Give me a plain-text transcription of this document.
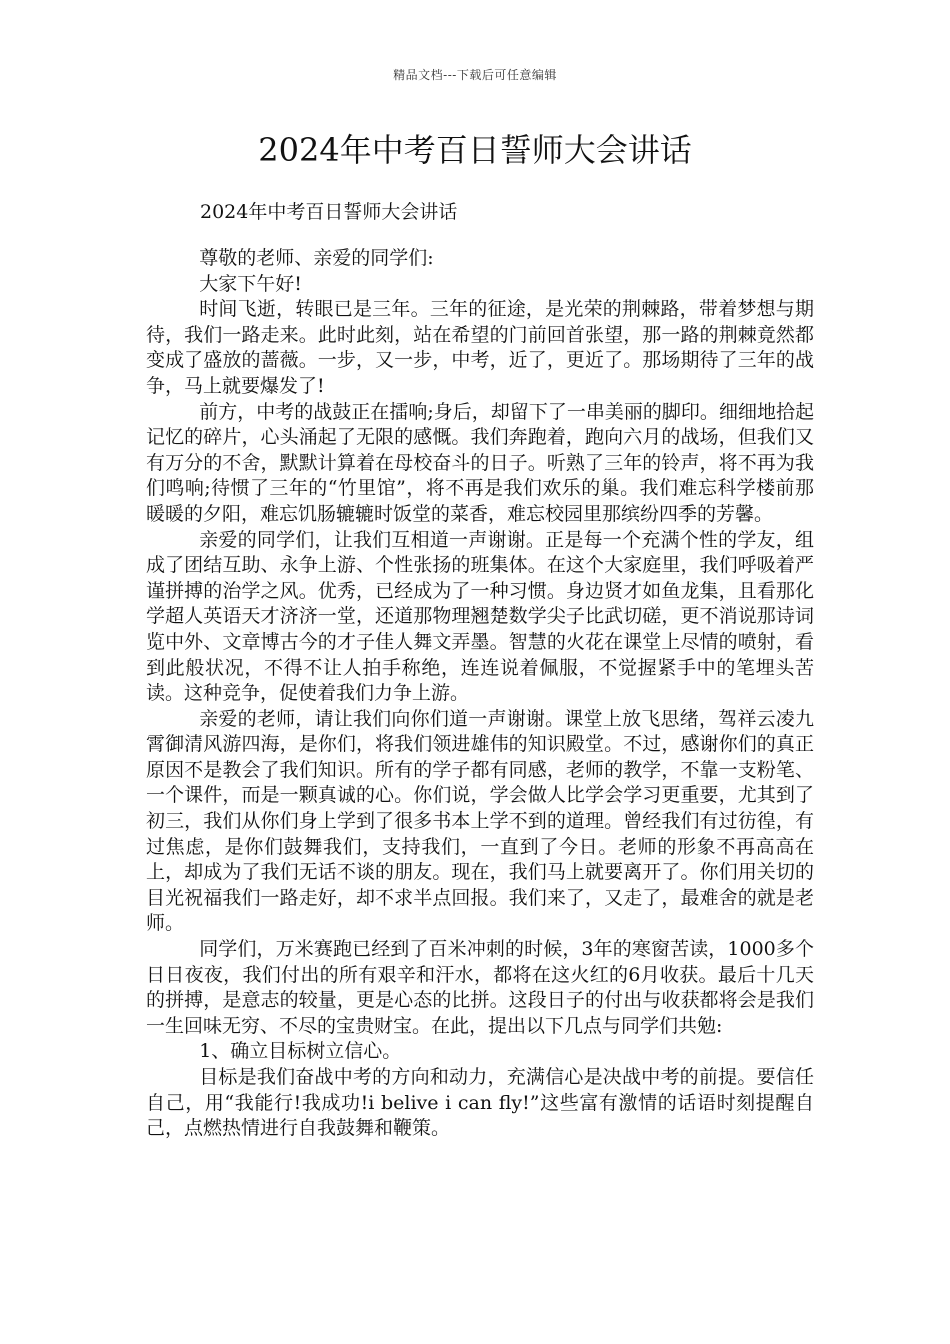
精品文档---下载后可任意编辑
2024年中考百日誓师大会讲话
2024年中考百日誓师大会讲话

尊敬的老师、亲爱的同学们:

大家下午好!

时间飞逝，转眼已是三年。三年的征途，是光荣的荆棘路，带着梦想与期待，我们一路走来。此时此刻，站在希望的门前回首张望，那一路的荆棘竟然都变成了盛放的蔷薇。一步，又一步，中考，近了，更近了。那场期待了三年的战争，马上就要爆发了!

前方，中考的战鼓正在擂响;身后，却留下了一串美丽的脚印。细细地拾起记忆的碎片，心头涌起了无限的感慨。我们奔跑着，跑向六月的战场，但我们又有万分的不舍，默默计算着在母校奋斗的日子。听熟了三年的铃声，将不再为我们鸣响;待惯了三年的“竹里馆”，将不再是我们欢乐的巢。我们难忘科学楼前那暖暖的夕阳，难忘饥肠辘辘时饭堂的菜香，难忘校园里那缤纷四季的芳馨。

亲爱的同学们，让我们互相道一声谢谢。正是每一个充满个性的学友，组成了团结互助、永争上游、个性张扬的班集体。在这个大家庭里，我们呼吸着严谨拼搏的治学之风。优秀，已经成为了一种习惯。身边贤才如鱼龙集，且看那化学超人英语天才济济一堂，还道那物理翘楚数学尖子比武切磋，更不消说那诗词览中外、文章博古今的才子佳人舞文弄墨。智慧的火花在课堂上尽情的喷射，看到此般状况，不得不让人拍手称绝，连连说着佩服，不觉握紧手中的笔埋头苦读。这种竞争，促使着我们力争上游。

亲爱的老师，请让我们向你们道一声谢谢。课堂上放飞思绪，驾祥云凌九霄御清风游四海，是你们，将我们领进雄伟的知识殿堂。不过，感谢你们的真正原因不是教会了我们知识。所有的学子都有同感，老师的教学，不靠一支粉笔、一个课件，而是一颗真诚的心。你们说，学会做人比学会学习更重要，尤其到了初三，我们从你们身上学到了很多书本上学不到的道理。曾经我们有过彷徨，有过焦虑，是你们鼓舞我们，支持我们，一直到了今日。老师的形象不再高高在上，却成为了我们无话不谈的朋友。现在，我们马上就要离开了。你们用关切的目光祝福我们一路走好，却不求半点回报。我们来了，又走了，最难舍的就是老师。

同学们，万米赛跑已经到了百米冲刺的时候，3年的寒窗苦读，1000多个日日夜夜，我们付出的所有艰辛和汗水，都将在这火红的6月收获。最后十几天的拼搏，是意志的较量，更是心态的比拼。这段日子的付出与收获都将会是我们一生回味无穷、不尽的宝贵财宝。在此，提出以下几点与同学们共勉:

1、确立目标树立信心。

目标是我们奋战中考的方向和动力，充满信心是决战中考的前提。要信任自己，用“我能行!我成功!i belive i can fly!”这些富有激情的话语时刻提醒自己，点燃热情进行自我鼓舞和鞭策。
